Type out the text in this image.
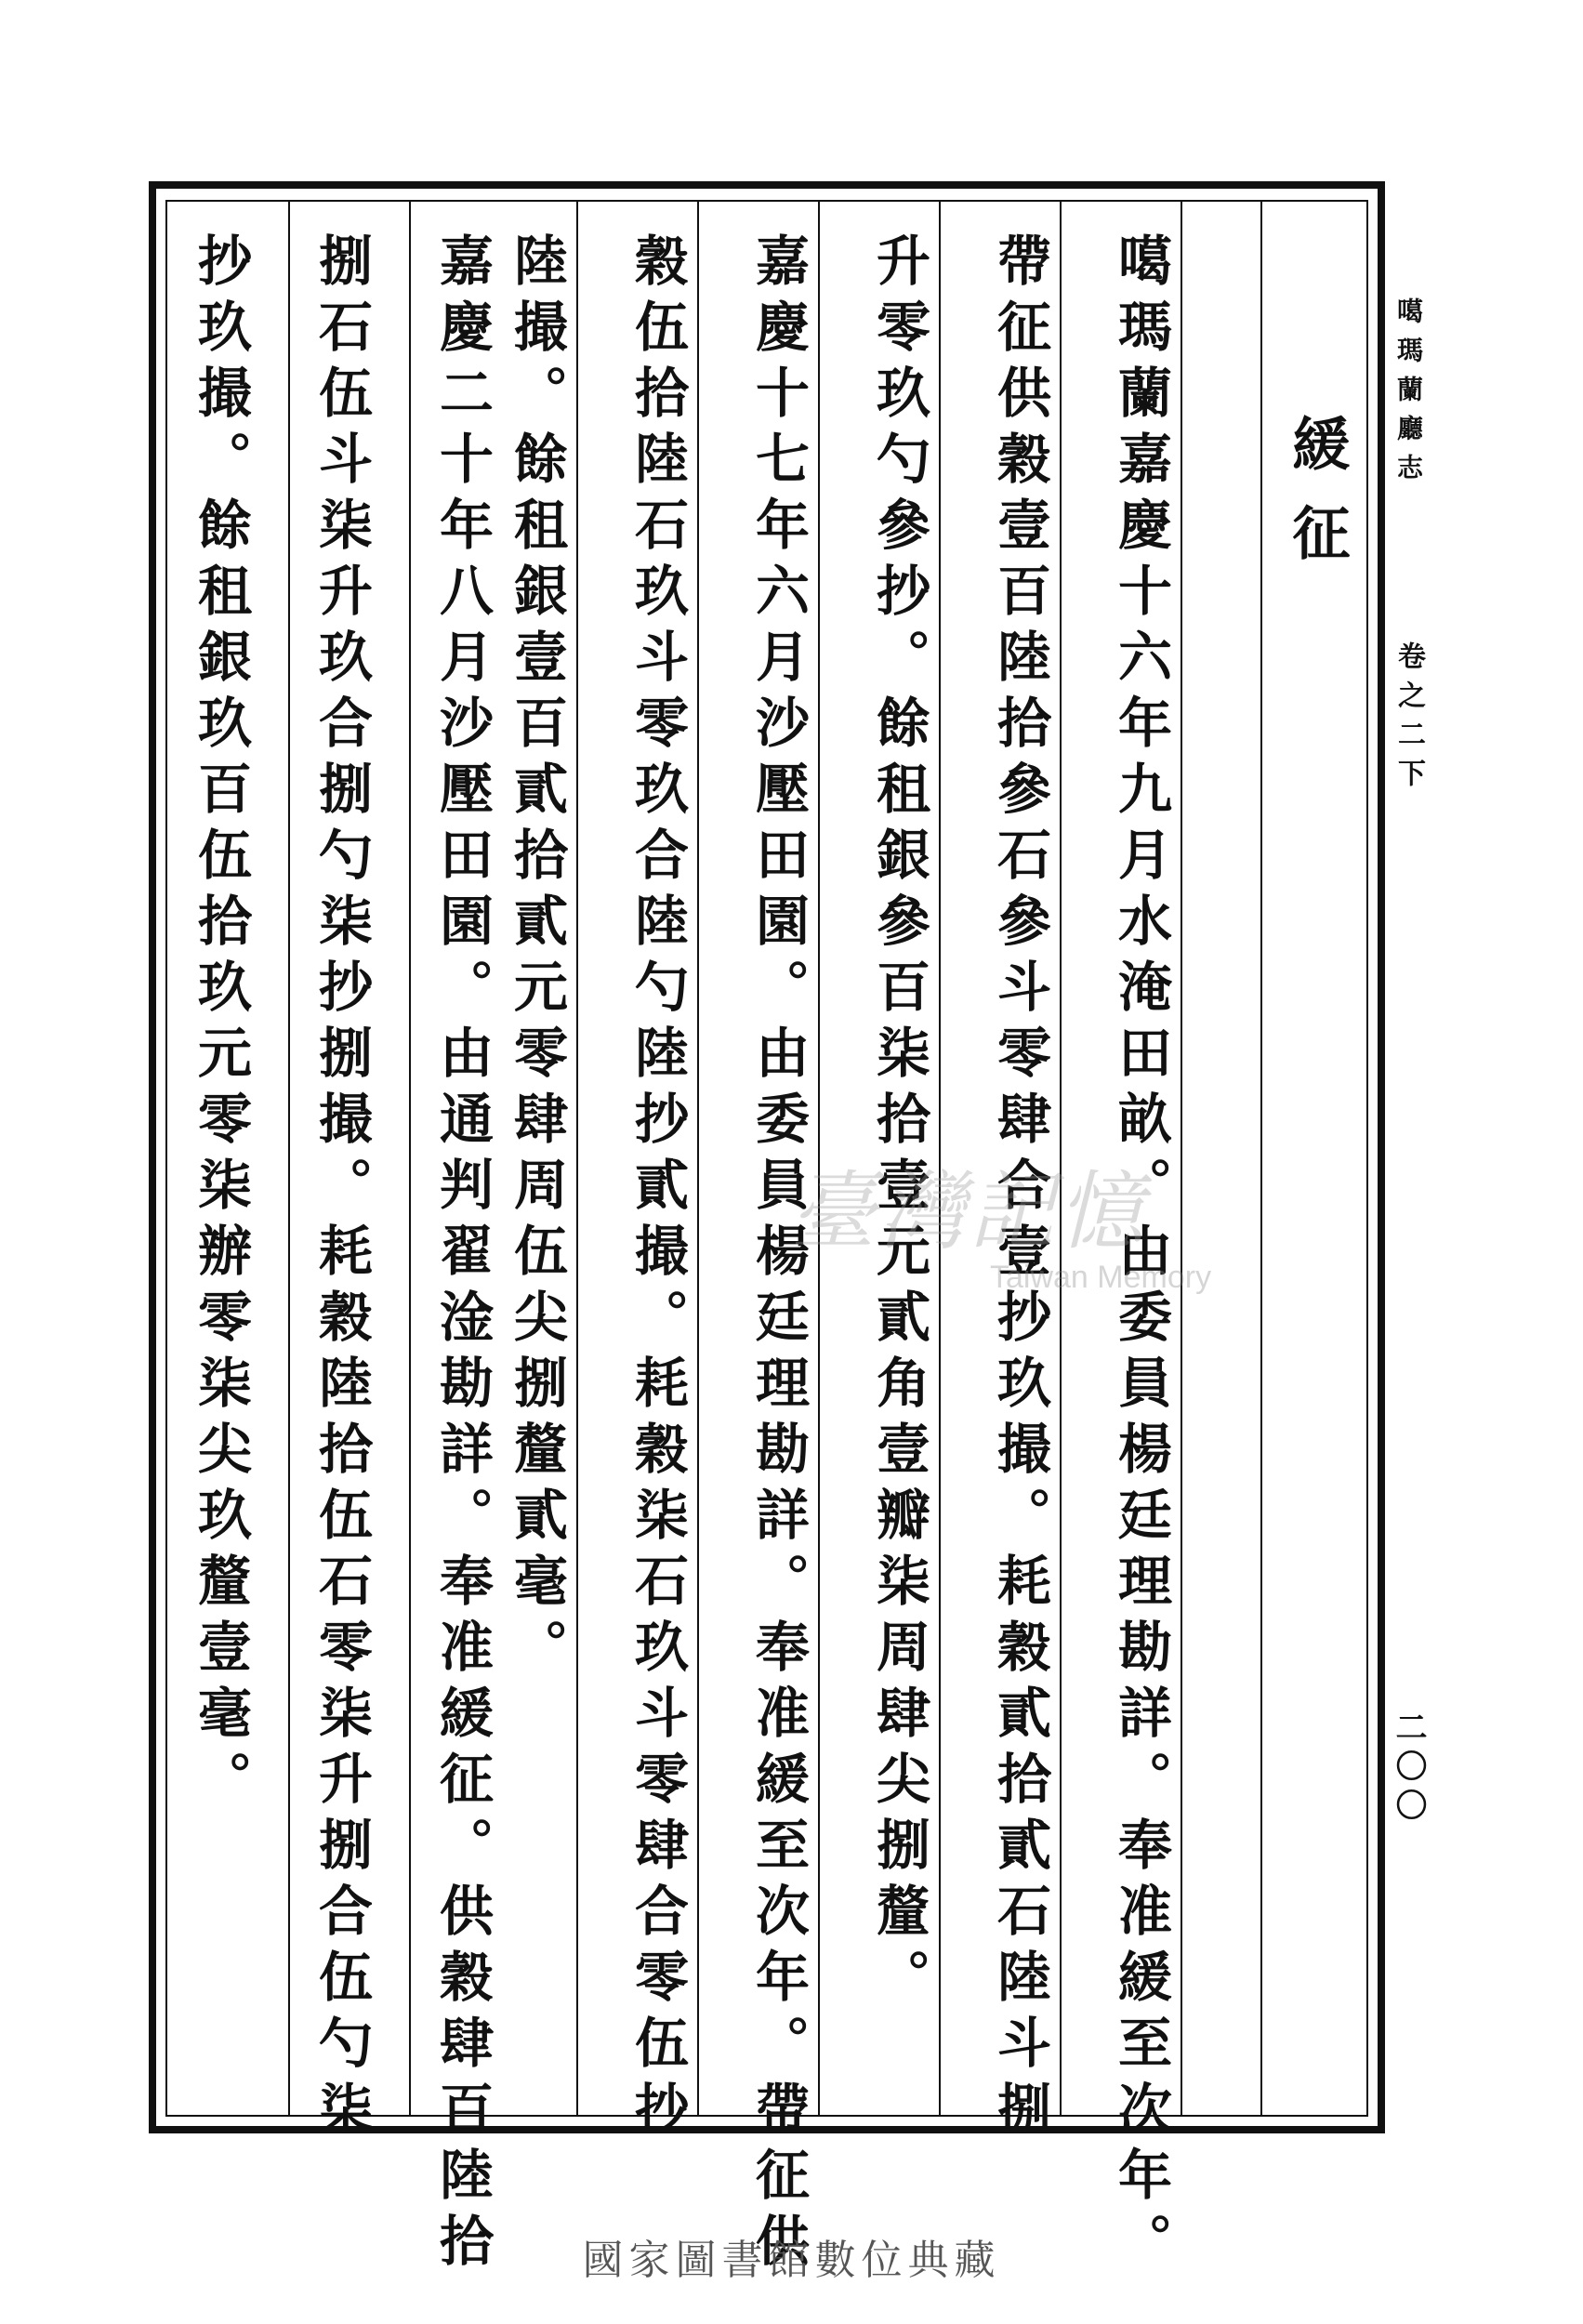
緩征
噶瑪蘭嘉慶十六年九月水淹田畝。由委員楊廷理勘詳。奉准緩至次年。
帶征供穀壹百陸拾參石參斗零肆合壹抄玖撮。耗穀貳拾貳石陸斗捌
升零玖勺參抄。餘租銀參百柒拾壹元貳角壹瓣柒周肆尖捌釐。
嘉慶十七年六月沙壓田園。由委員楊廷理勘詳。奉准緩至次年。帶征供
穀伍拾陸石玖斗零玖合陸勺陸抄貳撮。耗穀柒石玖斗零肆合零伍抄
陸撮。餘租銀壹百貳拾貳元零肆周伍尖捌釐貳毫。
嘉慶二十年八月沙壓田園。由通判翟淦勘詳。奉准緩征。供穀肆百陸拾
捌石伍斗柒升玖合捌勺柒抄捌撮。耗穀陸拾伍石零柒升捌合伍勺柒
抄玖撮。餘租銀玖百伍拾玖元零柒辦零柒尖玖釐壹毫。	噶瑪蘭廳志
卷之二下
二〇〇
臺灣記憶
Taiwan Memory
國家圖書館數位典藏
